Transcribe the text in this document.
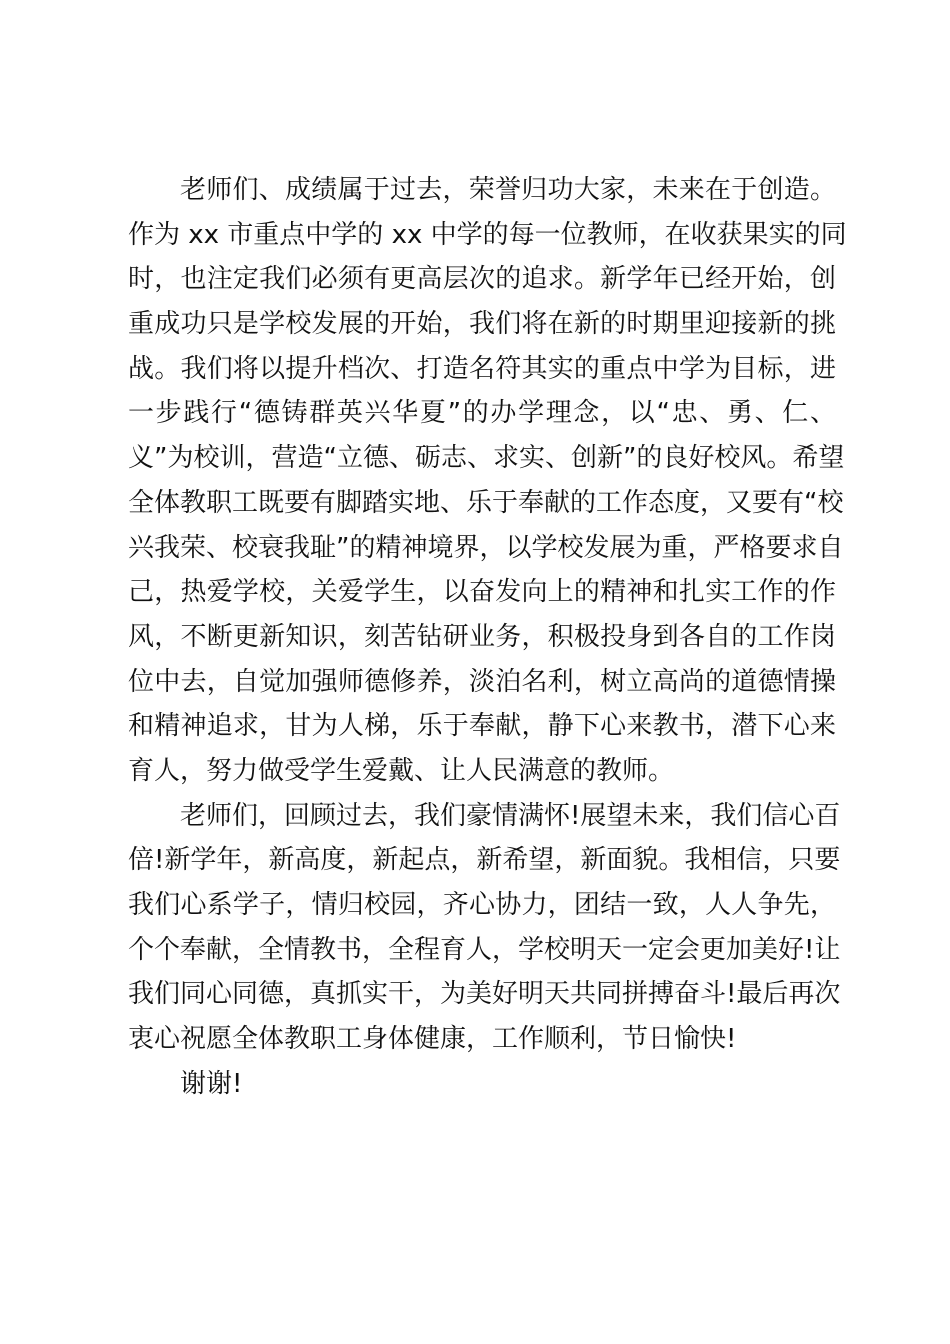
老师们、成绩属于过去，荣誉归功大家，未来在于创造。
作为 xx 市重点中学的 xx 中学的每一位教师，在收获果实的同
时，也注定我们必须有更高层次的追求。新学年已经开始，创
重成功只是学校发展的开始，我们将在新的时期里迎接新的挑
战。我们将以提升档次、打造名符其实的重点中学为目标，进
一步践行“德铸群英兴华夏”的办学理念，以“忠、勇、仁、
义”为校训，营造“立德、砺志、求实、创新”的良好校风。希望
全体教职工既要有脚踏实地、乐于奉献的工作态度，又要有“校
兴我荣、校衰我耻”的精神境界，以学校发展为重，严格要求自
己，热爱学校，关爱学生，以奋发向上的精神和扎实工作的作
风，不断更新知识，刻苦钻研业务，积极投身到各自的工作岗
位中去，自觉加强师德修养，淡泊名利，树立高尚的道德情操
和精神追求，甘为人梯，乐于奉献，静下心来教书，潜下心来
育人，努力做受学生爱戴、让人民满意的教师。
老师们，回顾过去，我们豪情满怀!展望未来，我们信心百
倍!新学年，新高度，新起点，新希望，新面貌。我相信，只要
我们心系学子，情归校园，齐心协力，团结一致，人人争先，
个个奉献，全情教书，全程育人，学校明天一定会更加美好!让
我们同心同德，真抓实干，为美好明天共同拼搏奋斗!最后再次
衷心祝愿全体教职工身体健康，工作顺利，节日愉快!
谢谢!
